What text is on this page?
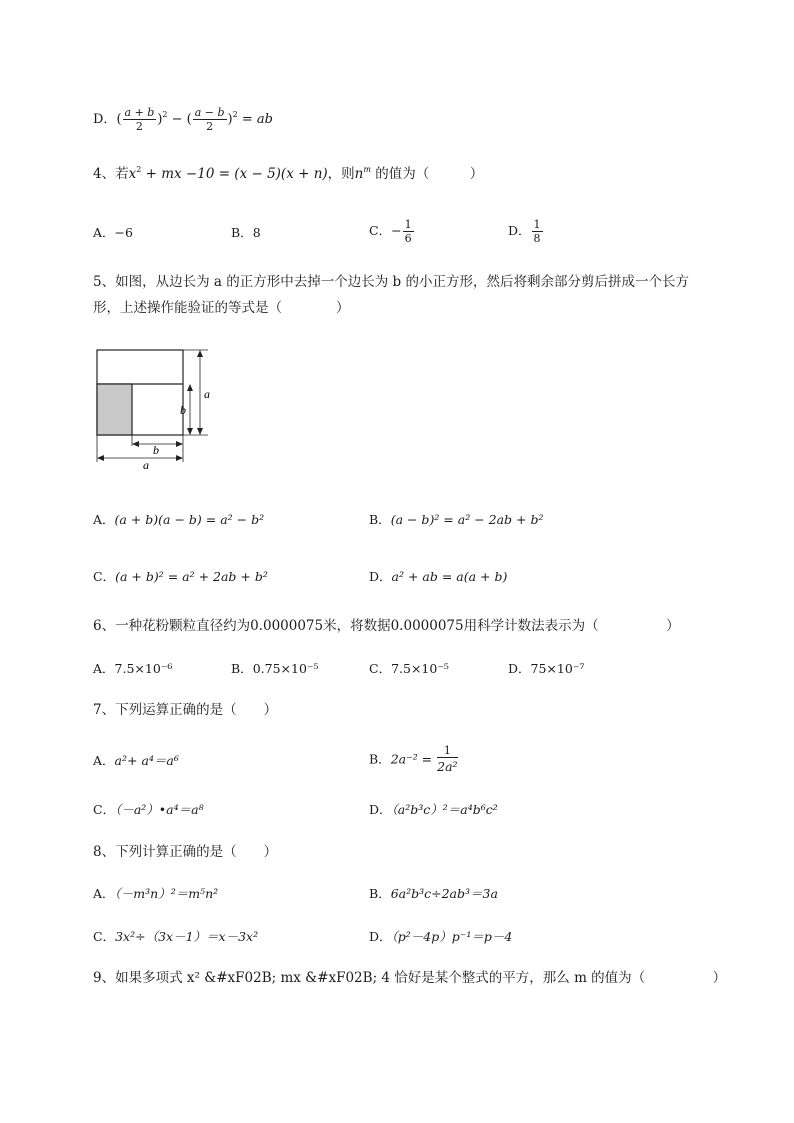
D．( $\frac{a + b}{2} )^2$ − ( $\frac{a - b}{2} )^2$ = ab
4、若$x^2$ + mx −10 = (x − 5)(x + n)，则$n^m$ 的值为（　　　）
A．−6	B．8	C．− $\frac{1}{6}$	D． $\frac{1}{8}$
5、如图，从边长为 a 的正方形中去掉一个边长为 b 的小正方形，然后将剩余部分剪后拼成一个长方
形，上述操作能验证的等式是（　　　　）
a
b
b
a
A．(a + b)(a − b) = a² − b²	B．(a − b)² = a² − 2ab + b²
C．(a + b)² = a² + 2ab + b²	D．a² + ab = a(a + b)
6、一种花粉颗粒直径约为0.0000075米，将数据0.0000075用科学计数法表示为（　　　　　）
A．7.5×10⁻⁶	B．0.75×10⁻⁵	C．7.5×10⁻⁵	D．75×10⁻⁷
7、下列运算正确的是（　　）
A．a²+ a⁴＝a⁶	B．$2a^{-2} = \frac{1}{\text{2a²}}$
C．（－a²）•a⁴＝a⁸	D．（a²b³c）²＝a⁴b⁶c²
8、下列计算正确的是（　　）
A．（－m³n）²＝m⁵n²	B．6a²b³c÷2ab³＝3a
C．3x²÷（3x－1）＝x－3x²	D．（p²－4p）p⁻¹＝p－4
9、如果多项式 x² &#xF02B; mx &#xF02B; 4 恰好是某个整式的平方，那么 m 的值为（　　　　　）
